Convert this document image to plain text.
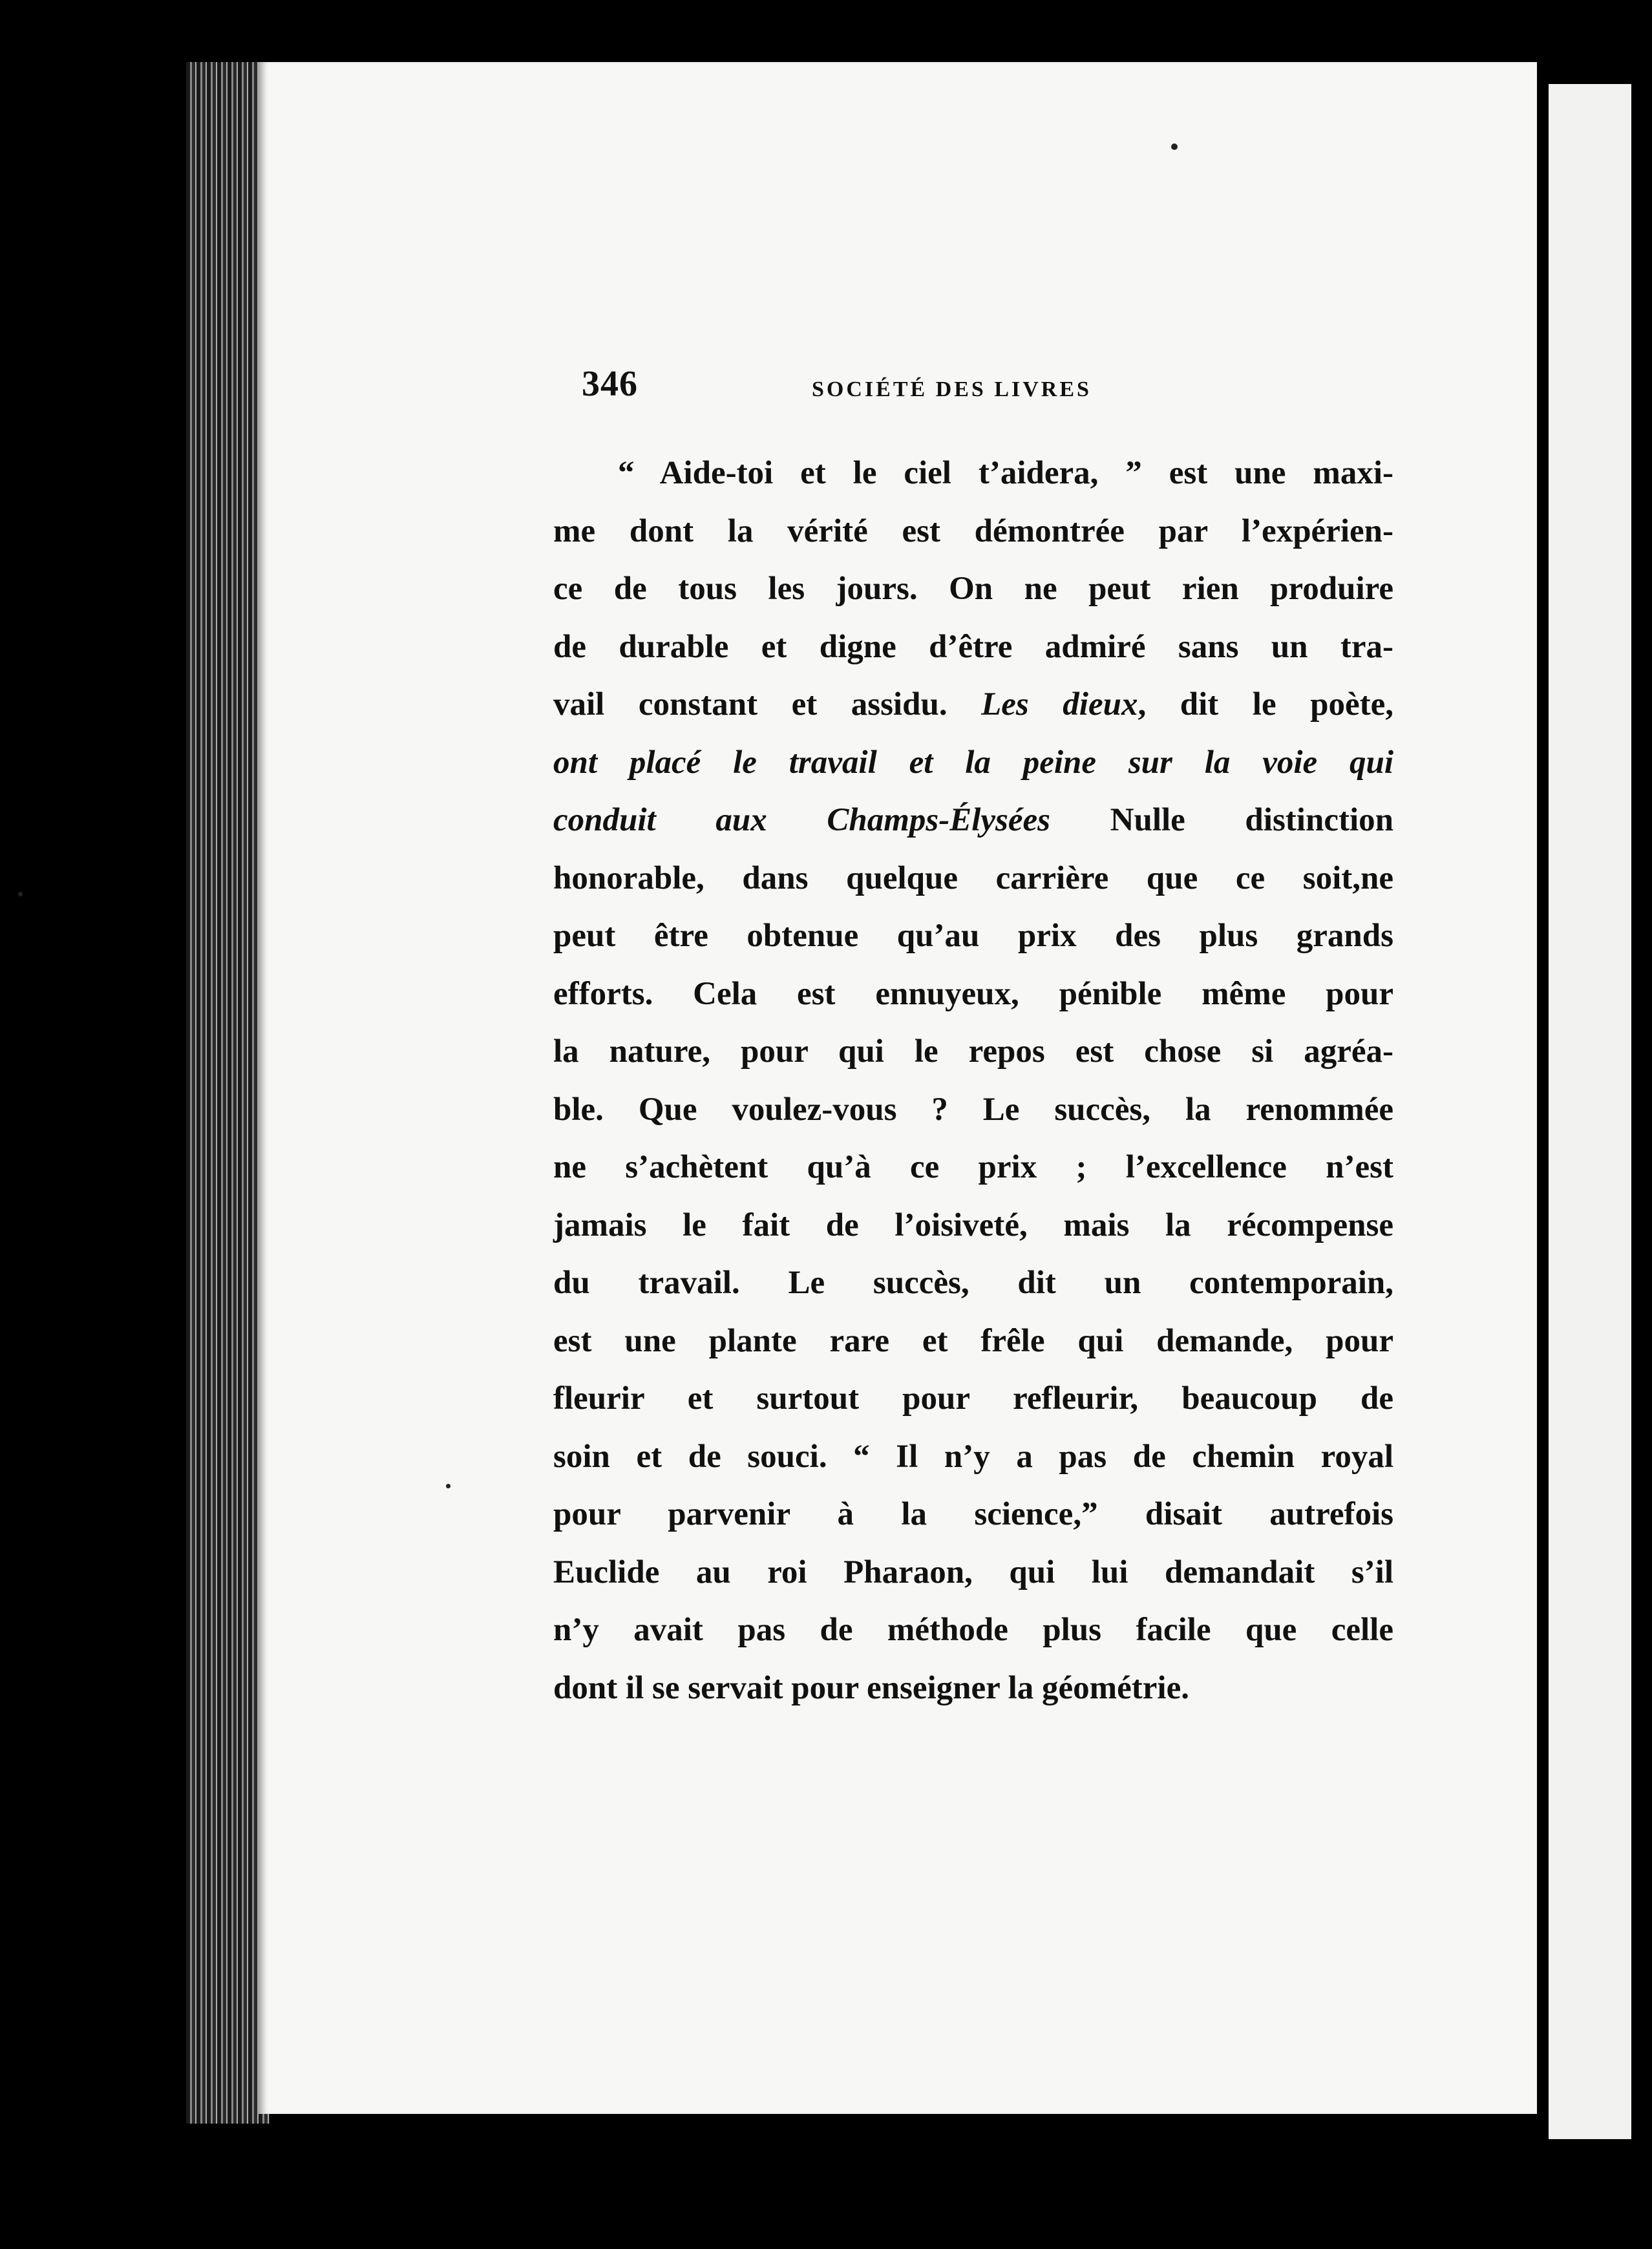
346	SOCIÉTÉ DES LIVRES
“ Aide-toi et le ciel t’aidera, ” est une maxi-
me dont la vérité est démontrée par l’expérien-
ce de tous les jours. On ne peut rien produire
de durable et digne d’être admiré sans un tra-
vail constant et assidu. Les dieux, dit le poète,
ont placé le travail et la peine sur la voie qui
conduit aux Champs-Élysées Nulle distinction
honorable, dans quelque carrière que ce soit,ne
peut être obtenue qu’au prix des plus grands
efforts. Cela est ennuyeux, pénible même pour
la nature, pour qui le repos est chose si agréa-
ble. Que voulez-vous ? Le succès, la renommée
ne s’achètent qu’à ce prix ; l’excellence n’est
jamais le fait de l’oisiveté, mais la récompense
du travail. Le succès, dit un contemporain,
est une plante rare et frêle qui demande, pour
fleurir et surtout pour refleurir, beaucoup de
soin et de souci. “ Il n’y a pas de chemin royal
pour parvenir à la science,” disait autrefois
Euclide au roi Pharaon, qui lui demandait s’il
n’y avait pas de méthode plus facile que celle
dont il se servait pour enseigner la géométrie.
